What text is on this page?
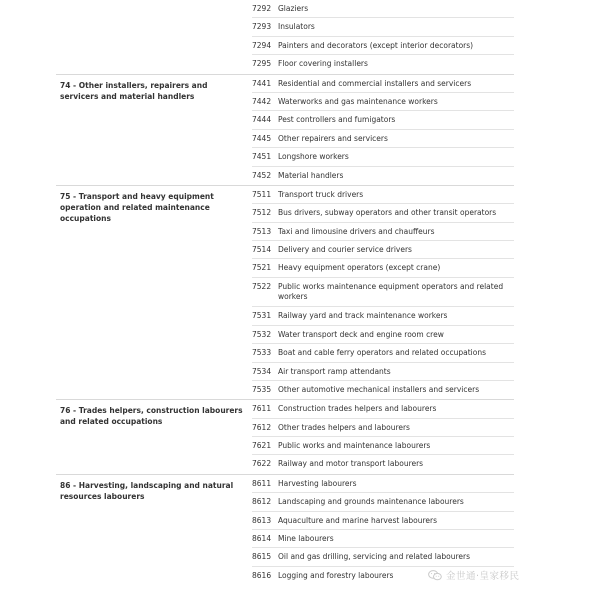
7292 Glaziers
7293 Insulators
7294 Painters and decorators (except interior decorators)
7295 Floor covering installers
74 - Other installers, repairers and servicers and material handlers
7441 Residential and commercial installers and servicers
7442 Waterworks and gas maintenance workers
7444 Pest controllers and fumigators
7445 Other repairers and servicers
7451 Longshore workers
7452 Material handlers
75 - Transport and heavy equipment operation and related maintenance occupations
7511 Transport truck drivers
7512 Bus drivers, subway operators and other transit operators
7513 Taxi and limousine drivers and chauffeurs
7514 Delivery and courier service drivers
7521 Heavy equipment operators (except crane)
7522 Public works maintenance equipment operators and related workers
7531 Railway yard and track maintenance workers
7532 Water transport deck and engine room crew
7533 Boat and cable ferry operators and related occupations
7534 Air transport ramp attendants
7535 Other automotive mechanical installers and servicers
76 - Trades helpers, construction labourers and related occupations
7611 Construction trades helpers and labourers
7612 Other trades helpers and labourers
7621 Public works and maintenance labourers
7622 Railway and motor transport labourers
86 - Harvesting, landscaping and natural resources labourers
8611 Harvesting labourers
8612 Landscaping and grounds maintenance labourers
8613 Aquaculture and marine harvest labourers
8614 Mine labourers
8615 Oil and gas drilling, servicing and related labourers
8616 Logging and forestry labourers	金世通·皇家移民
